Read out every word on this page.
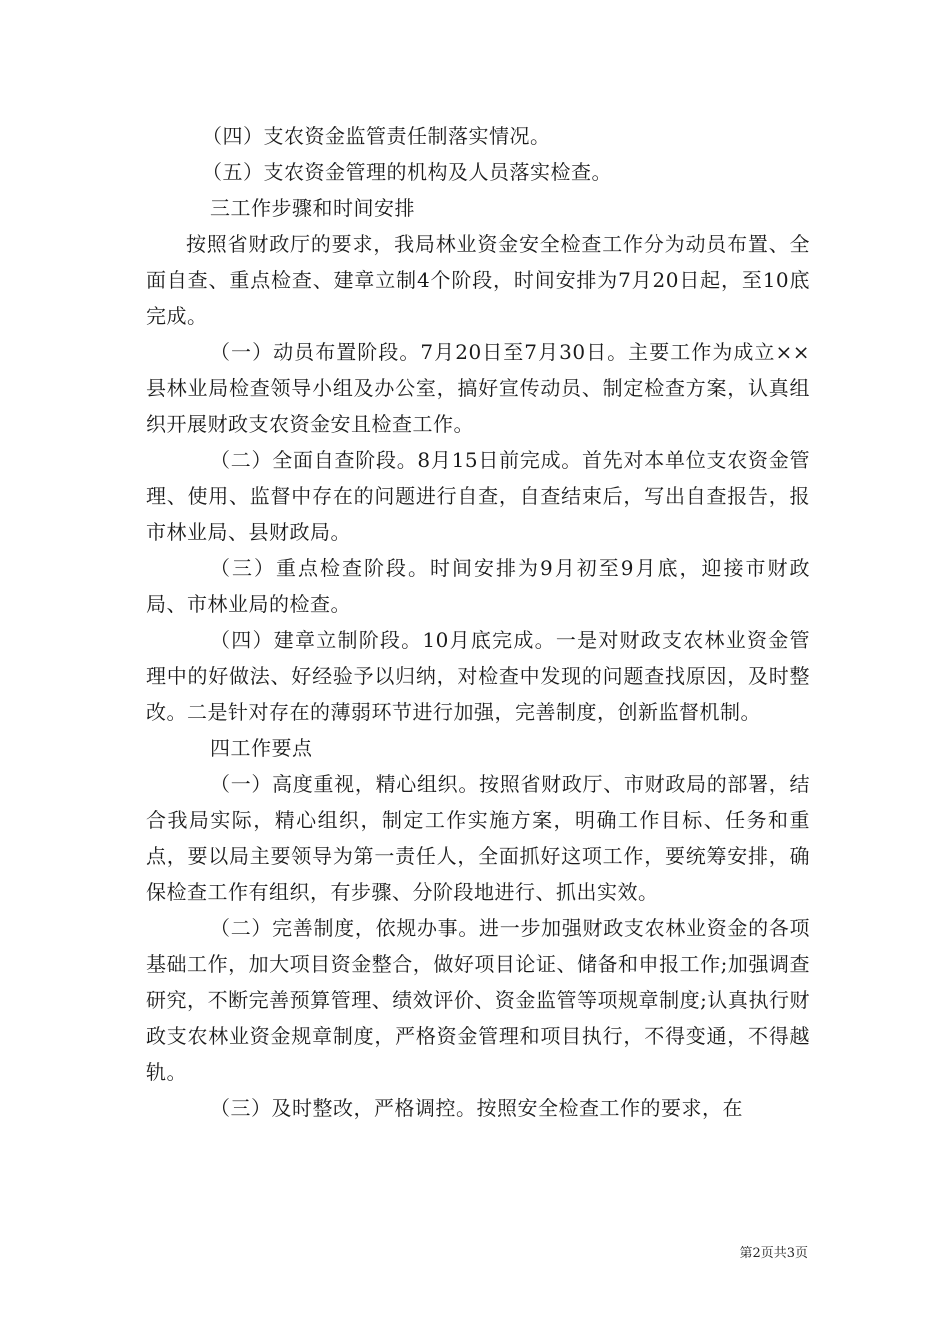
（四）支农资金监管责任制落实情况。

（五）支农资金管理的机构及人员落实检查。

三工作步骤和时间安排

按照省财政厅的要求，我局林业资金安全检查工作分为动员布置、全面自查、重点检查、建章立制4个阶段，时间安排为7月20日起，至10底完成。

（一）动员布置阶段。7月20日至7月30日。主要工作为成立××县林业局检查领导小组及办公室，搞好宣传动员、制定检查方案，认真组织开展财政支农资金安且检查工作。

（二）全面自查阶段。8月15日前完成。首先对本单位支农资金管理、使用、监督中存在的问题进行自查，自查结束后，写出自查报告，报市林业局、县财政局。

（三）重点检查阶段。时间安排为9月初至9月底，迎接市财政局、市林业局的检查。

（四）建章立制阶段。10月底完成。一是对财政支农林业资金管理中的好做法、好经验予以归纳，对检查中发现的问题查找原因，及时整改。二是针对存在的薄弱环节进行加强，完善制度，创新监督机制。

四工作要点

（一）高度重视，精心组织。按照省财政厅、市财政局的部署，结合我局实际，精心组织，制定工作实施方案，明确工作目标、任务和重点，要以局主要领导为第一责任人，全面抓好这项工作，要统筹安排，确保检查工作有组织，有步骤、分阶段地进行、抓出实效。

（二）完善制度，依规办事。进一步加强财政支农林业资金的各项基础工作，加大项目资金整合，做好项目论证、储备和申报工作;加强调查研究，不断完善预算管理、绩效评价、资金监管等项规章制度;认真执行财政支农林业资金规章制度，严格资金管理和项目执行，不得变通，不得越轨。

（三）及时整改，严格调控。按照安全检查工作的要求，在

第2页共3页
